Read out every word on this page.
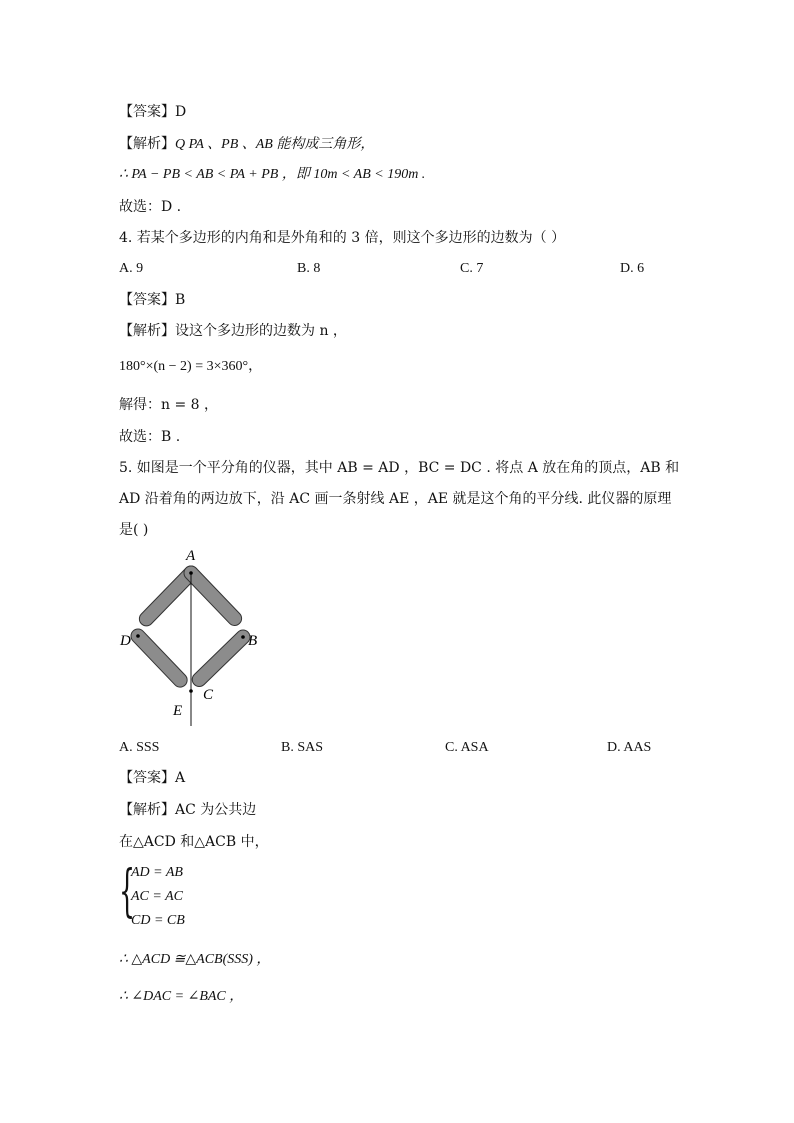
【答案】D
【解析】Q PA 、PB 、AB 能构成三角形，
∴ PA − PB < AB < PA + PB ，即 10m < AB < 190m .
故选：D .
4. 若某个多边形的内角和是外角和的 3 倍，则这个多边形的边数为（ ）
A. 9	B. 8	C. 7	D. 6
【答案】B
【解析】设这个多边形的边数为 n ，
180°×(n − 2) = 3×360°，
解得：n = 8 ，
故选：B .
5. 如图是一个平分角的仪器，其中 AB = AD ，BC = DC . 将点 A 放在角的顶点，AB 和
AD 沿着角的两边放下，沿 AC 画一条射线 AE ，AE 就是这个角的平分线. 此仪器的原理
是( )
A
D	B
C
E
A. SSS	B. SAS	C. ASA	D. AAS
【答案】A
【解析】AC 为公共边
在△ACD 和△ACB 中，
{
AD = AB
AC = AC
CD = CB
∴ △ACD ≅△ACB(SSS) ，
∴ ∠DAC = ∠BAC ，
